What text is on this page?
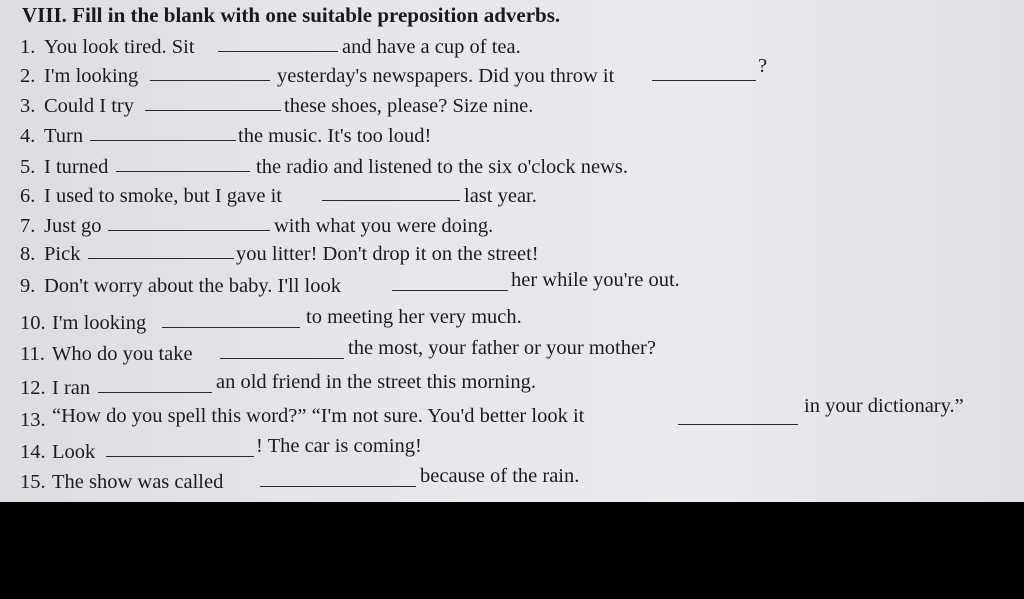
VIII. Fill in the blank with one suitable preposition adverbs.
1. You look tired. Sit	and have a cup of tea.
2. I'm looking	yesterday's newspapers. Did you throw it	?
3. Could I try	these shoes, please? Size nine.
4. Turn	the music. It's too loud!
5. I turned	the radio and listened to the six o'clock news.
6. I used to smoke, but I gave it	last year.
7. Just go	with what you were doing.
8. Pick	you litter! Don't drop it on the street!
9. Don't worry about the baby. I'll look	her while you're out.
10. I'm looking	to meeting her very much.
11. Who do you take	the most, your father or your mother?
12. I ran	an old friend in the street this morning.
13. “How do you spell this word?” “I'm not sure. You'd better look it	in your dictionary.”
14. Look	! The car is coming!
15. The show was called	because of the rain.
